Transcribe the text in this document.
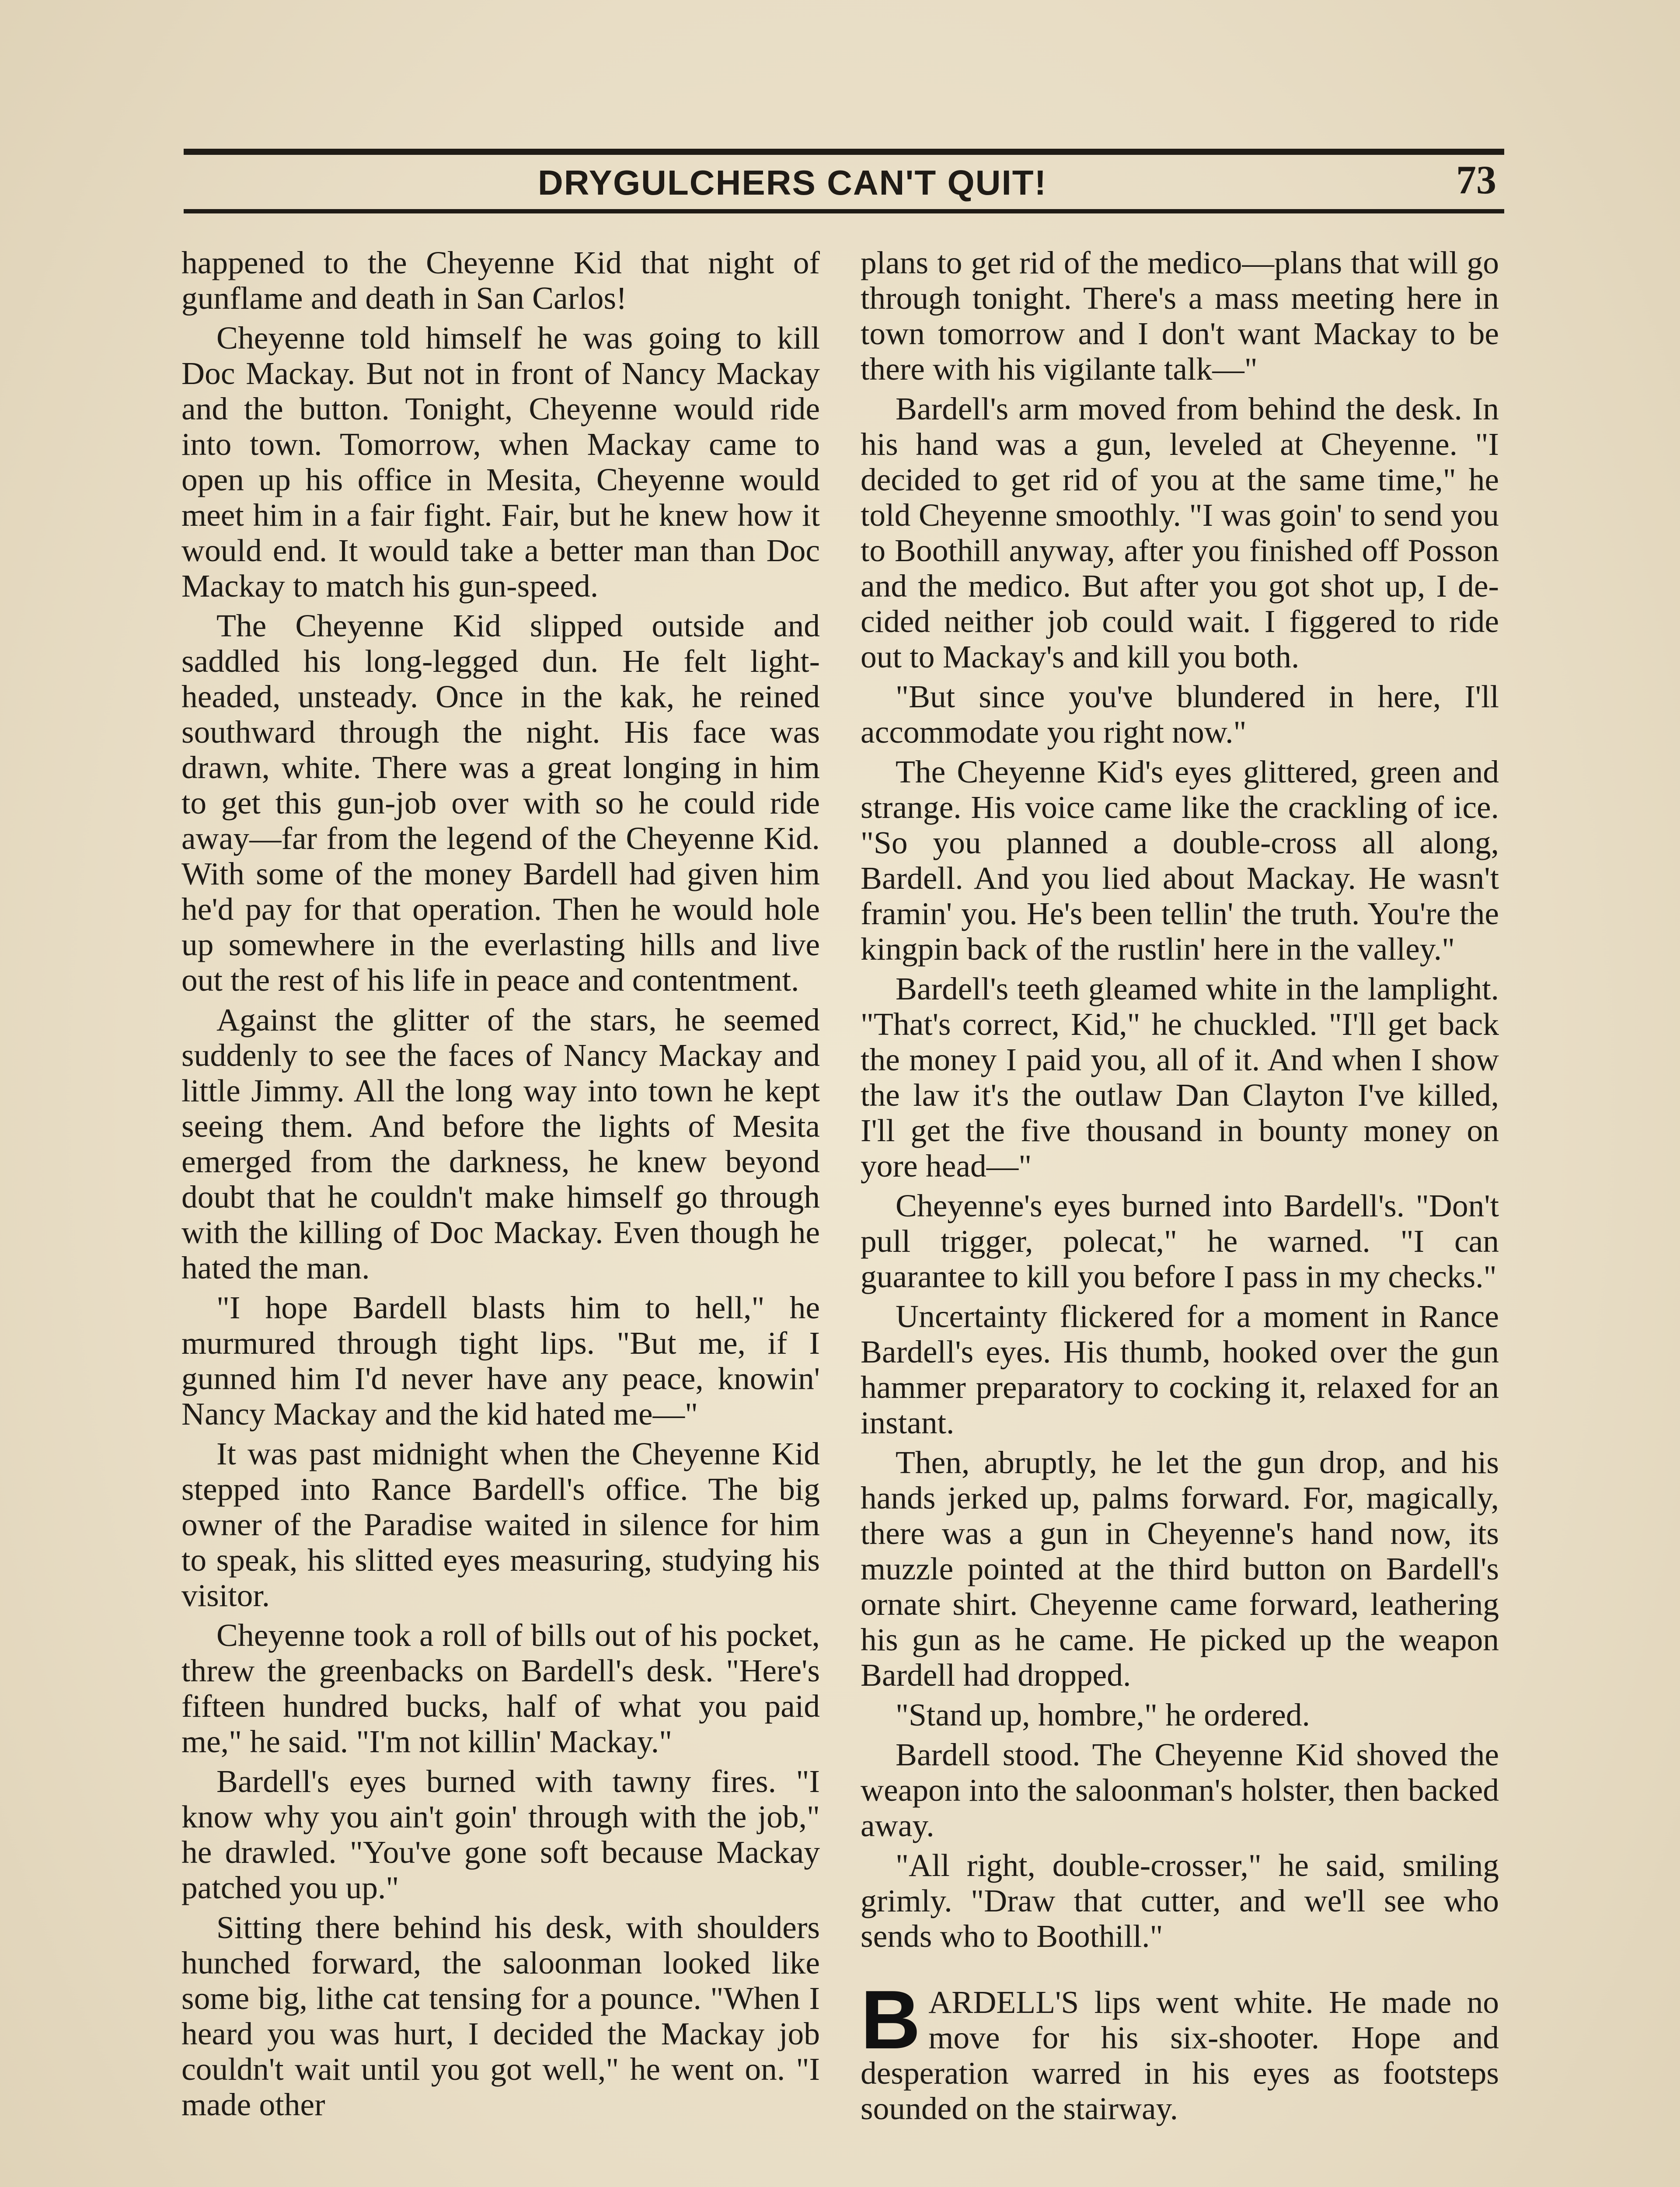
DRYGULCHERS CAN'T QUIT!	73

happened to the Cheyenne Kid that night of gunflame and death in San Carlos!

Cheyenne told himself he was going to kill Doc Mackay. But not in front of Nancy Mackay and the button. Tonight, Cheyenne would ride into town. Tomorrow, when Mackay came to open up his office in Mesita, Cheyenne would meet him in a fair fight. Fair, but he knew how it would end. It would take a better man than Doc Mackay to match his gun-speed.

The Cheyenne Kid slipped outside and saddled his long-legged dun. He felt light-headed, unsteady. Once in the kak, he reined southward through the night. His face was drawn, white. There was a great longing in him to get this gun-job over with so he could ride away—far from the legend of the Cheyenne Kid. With some of the money Bardell had given him he'd pay for that operation. Then he would hole up somewhere in the everlasting hills and live out the rest of his life in peace and contentment.

Against the glitter of the stars, he seemed suddenly to see the faces of Nancy Mackay and little Jimmy. All the long way into town he kept seeing them. And before the lights of Mesita emerged from the darkness, he knew beyond doubt that he couldn't make himself go through with the killing of Doc Mackay. Even though he hated the man.

"I hope Bardell blasts him to hell," he murmured through tight lips. "But me, if I gunned him I'd never have any peace, knowin' Nancy Mackay and the kid hated me—"

It was past midnight when the Cheyenne Kid stepped into Rance Bardell's office. The big owner of the Paradise waited in silence for him to speak, his slitted eyes measuring, studying his visitor.

Cheyenne took a roll of bills out of his pocket, threw the greenbacks on Bardell's desk. "Here's fifteen hundred bucks, half of what you paid me," he said. "I'm not killin' Mackay."

Bardell's eyes burned with tawny fires. "I know why you ain't goin' through with the job," he drawled. "You've gone soft because Mackay patched you up."

Sitting there behind his desk, with shoulders hunched forward, the saloonman looked like some big, lithe cat tensing for a pounce. "When I heard you was hurt, I decided the Mackay job couldn't wait until you got well," he went on. "I made other

plans to get rid of the medico—plans that will go through tonight. There's a mass meeting here in town tomorrow and I don't want Mackay to be there with his vigilante talk—"

Bardell's arm moved from behind the desk. In his hand was a gun, leveled at Cheyenne. "I decided to get rid of you at the same time," he told Cheyenne smoothly. "I was goin' to send you to Boothill anyway, after you finished off Posson and the medico. But after you got shot up, I decided neither job could wait. I figgered to ride out to Mackay's and kill you both.

"But since you've blundered in here, I'll accommodate you right now."

The Cheyenne Kid's eyes glittered, green and strange. His voice came like the crackling of ice. "So you planned a double-cross all along, Bardell. And you lied about Mackay. He wasn't framin' you. He's been tellin' the truth. You're the kingpin back of the rustlin' here in the valley."

Bardell's teeth gleamed white in the lamplight. "That's correct, Kid," he chuckled. "I'll get back the money I paid you, all of it. And when I show the law it's the outlaw Dan Clayton I've killed, I'll get the five thousand in bounty money on yore head—"

Cheyenne's eyes burned into Bardell's. "Don't pull trigger, polecat," he warned. "I can guarantee to kill you before I pass in my checks."

Uncertainty flickered for a moment in Rance Bardell's eyes. His thumb, hooked over the gun hammer preparatory to cocking it, relaxed for an instant.

Then, abruptly, he let the gun drop, and his hands jerked up, palms forward. For, magically, there was a gun in Cheyenne's hand now, its muzzle pointed at the third button on Bardell's ornate shirt. Cheyenne came forward, leathering his gun as he came. He picked up the weapon Bardell had dropped.

"Stand up, hombre," he ordered.

Bardell stood. The Cheyenne Kid shoved the weapon into the saloonman's holster, then backed away.

"All right, double-crosser," he said, smiling grimly. "Draw that cutter, and we'll see who sends who to Boothill."

BARDELL'S lips went white. He made no move for his six-shooter. Hope and desperation warred in his eyes as footsteps sounded on the stairway.
